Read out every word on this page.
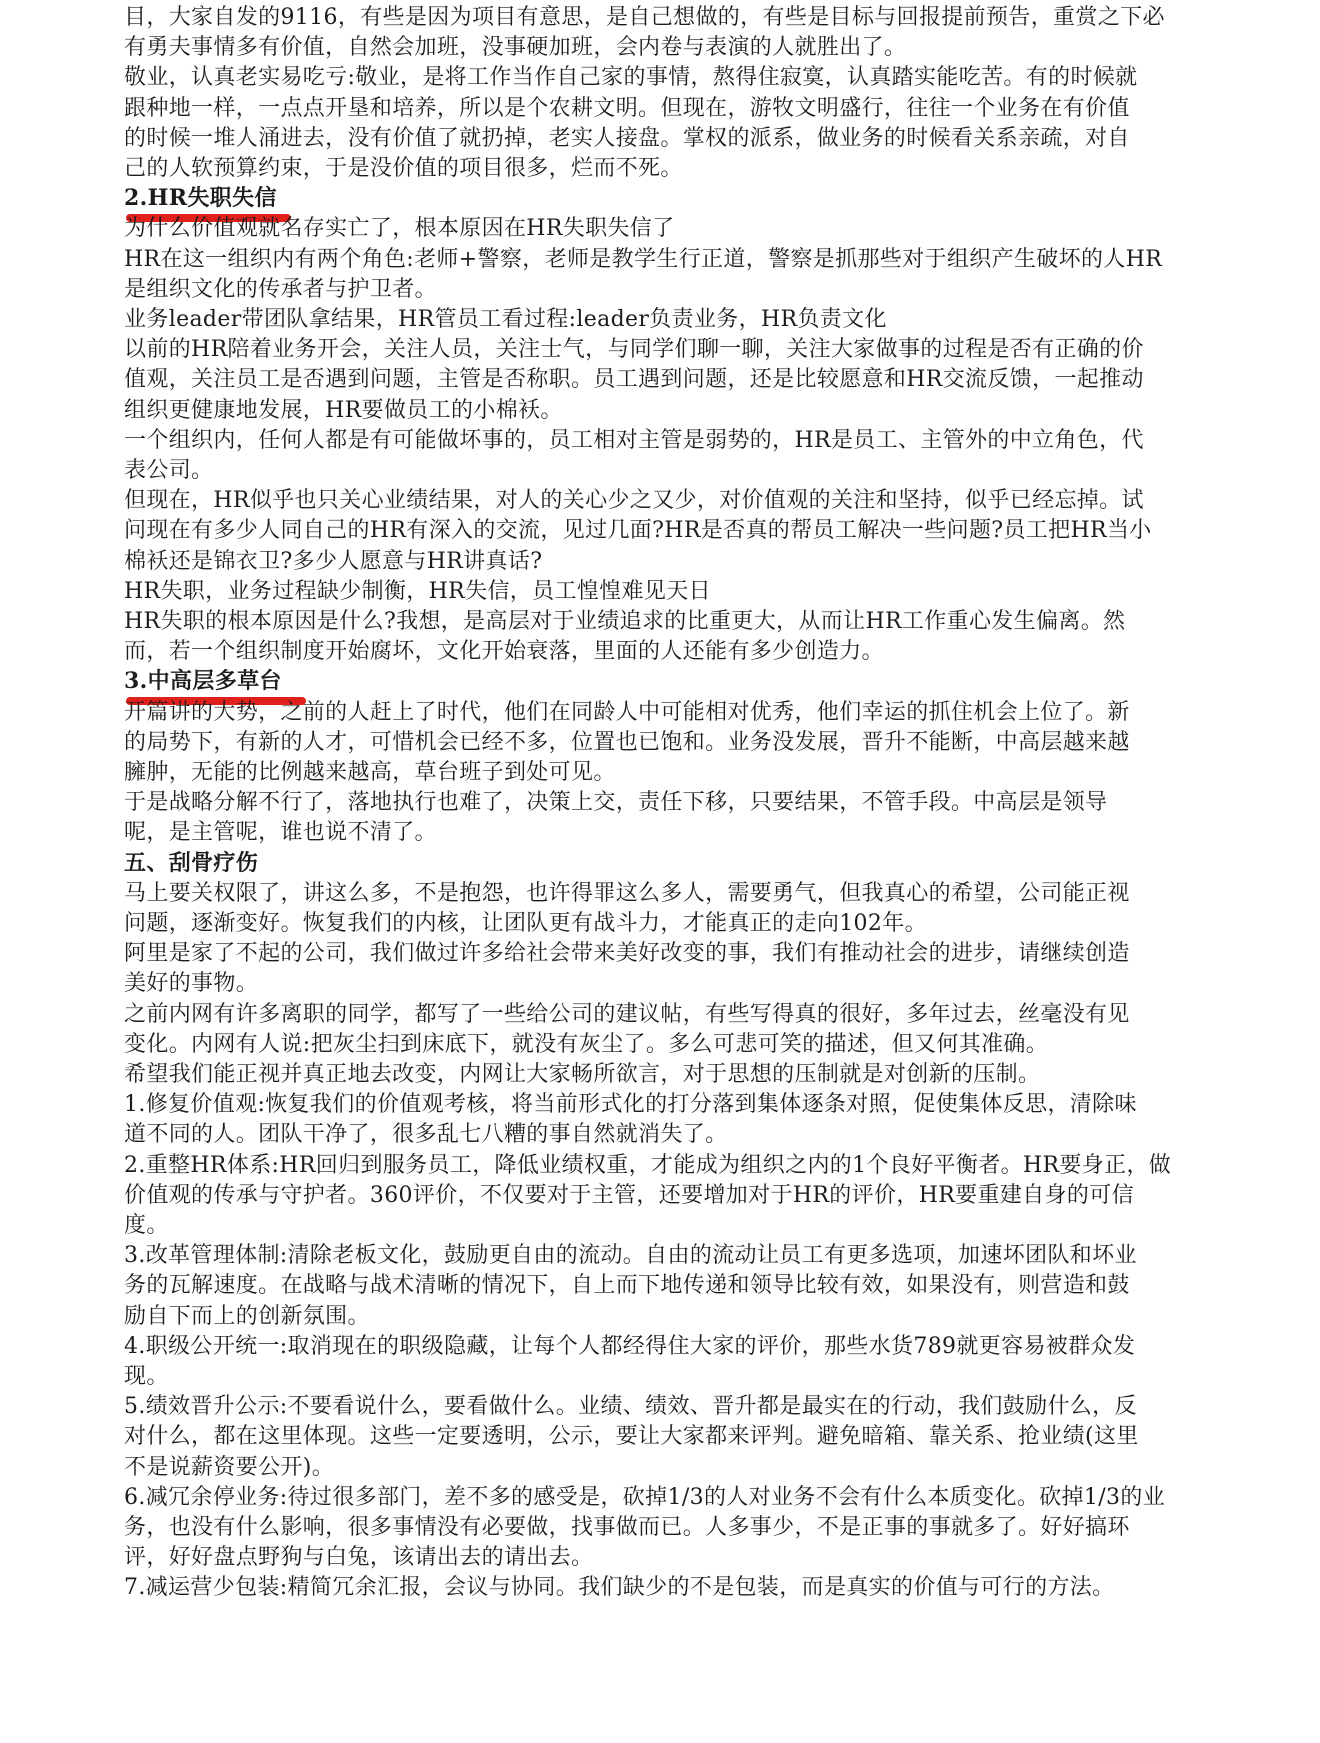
目，大家自发的9116，有些是因为项目有意思，是自己想做的，有些是目标与回报提前预告，重赏之下必
有勇夫事情多有价值，自然会加班，没事硬加班，会内卷与表演的人就胜出了。
敬业，认真老实易吃亏:敬业，是将工作当作自己家的事情，熬得住寂寞，认真踏实能吃苦。有的时候就
跟种地一样，一点点开垦和培养，所以是个农耕文明。但现在，游牧文明盛行，往往一个业务在有价值
的时候一堆人涌进去，没有价值了就扔掉，老实人接盘。掌权的派系，做业务的时候看关系亲疏，对自
己的人软预算约束，于是没价值的项目很多，烂而不死。
2.HR失职失信
为什么价值观就名存实亡了，根本原因在HR失职失信了
HR在这一组织内有两个角色:老师+警察，老师是教学生行正道，警察是抓那些对于组织产生破坏的人HR
是组织文化的传承者与护卫者。
业务leader带团队拿结果，HR管员工看过程:leader负责业务，HR负责文化
以前的HR陪着业务开会，关注人员，关注士气，与同学们聊一聊，关注大家做事的过程是否有正确的价
值观，关注员工是否遇到问题，主管是否称职。员工遇到问题，还是比较愿意和HR交流反馈，一起推动
组织更健康地发展，HR要做员工的小棉袄。
一个组织内，任何人都是有可能做坏事的，员工相对主管是弱势的，HR是员工、主管外的中立角色，代
表公司。
但现在，HR似乎也只关心业绩结果，对人的关心少之又少，对价值观的关注和坚持，似乎已经忘掉。试
问现在有多少人同自己的HR有深入的交流，见过几面?HR是否真的帮员工解决一些问题?员工把HR当小
棉袄还是锦衣卫?多少人愿意与HR讲真话?
HR失职，业务过程缺少制衡，HR失信，员工惶惶难见天日
HR失职的根本原因是什么?我想，是高层对于业绩追求的比重更大，从而让HR工作重心发生偏离。然
而，若一个组织制度开始腐坏，文化开始衰落，里面的人还能有多少创造力。
3.中高层多草台
开篇讲的大势，之前的人赶上了时代，他们在同龄人中可能相对优秀，他们幸运的抓住机会上位了。新
的局势下，有新的人才，可惜机会已经不多，位置也已饱和。业务没发展，晋升不能断，中高层越来越
臃肿，无能的比例越来越高，草台班子到处可见。
于是战略分解不行了，落地执行也难了，决策上交，责任下移，只要结果，不管手段。中高层是领导
呢，是主管呢，谁也说不清了。
五、刮骨疗伤
马上要关权限了，讲这么多，不是抱怨，也许得罪这么多人，需要勇气，但我真心的希望，公司能正视
问题，逐渐变好。恢复我们的内核，让团队更有战斗力，才能真正的走向102年。
阿里是家了不起的公司，我们做过许多给社会带来美好改变的事，我们有推动社会的进步，请继续创造
美好的事物。
之前内网有许多离职的同学，都写了一些给公司的建议帖，有些写得真的很好，多年过去，丝毫没有见
变化。内网有人说:把灰尘扫到床底下，就没有灰尘了。多么可悲可笑的描述，但又何其准确。
希望我们能正视并真正地去改变，内网让大家畅所欲言，对于思想的压制就是对创新的压制。
1.修复价值观:恢复我们的价值观考核，将当前形式化的打分落到集体逐条对照，促使集体反思，清除味
道不同的人。团队干净了，很多乱七八糟的事自然就消失了。
2.重整HR体系:HR回归到服务员工，降低业绩权重，才能成为组织之内的1个良好平衡者。HR要身正，做
价值观的传承与守护者。360评价，不仅要对于主管，还要增加对于HR的评价，HR要重建自身的可信
度。
3.改革管理体制:清除老板文化，鼓励更自由的流动。自由的流动让员工有更多选项，加速坏团队和坏业
务的瓦解速度。在战略与战术清晰的情况下，自上而下地传递和领导比较有效，如果没有，则营造和鼓
励自下而上的创新氛围。
4.职级公开统一:取消现在的职级隐藏，让每个人都经得住大家的评价，那些水货789就更容易被群众发
现。
5.绩效晋升公示:不要看说什么，要看做什么。业绩、绩效、晋升都是最实在的行动，我们鼓励什么，反
对什么，都在这里体现。这些一定要透明，公示，要让大家都来评判。避免暗箱、靠关系、抢业绩(这里
不是说薪资要公开)。
6.减冗余停业务:待过很多部门，差不多的感受是，砍掉1/3的人对业务不会有什么本质变化。砍掉1/3的业
务，也没有什么影响，很多事情没有必要做，找事做而已。人多事少，不是正事的事就多了。好好搞环
评，好好盘点野狗与白兔，该请出去的请出去。
7.减运营少包装:精简冗余汇报，会议与协同。我们缺少的不是包装，而是真实的价值与可行的方法。
